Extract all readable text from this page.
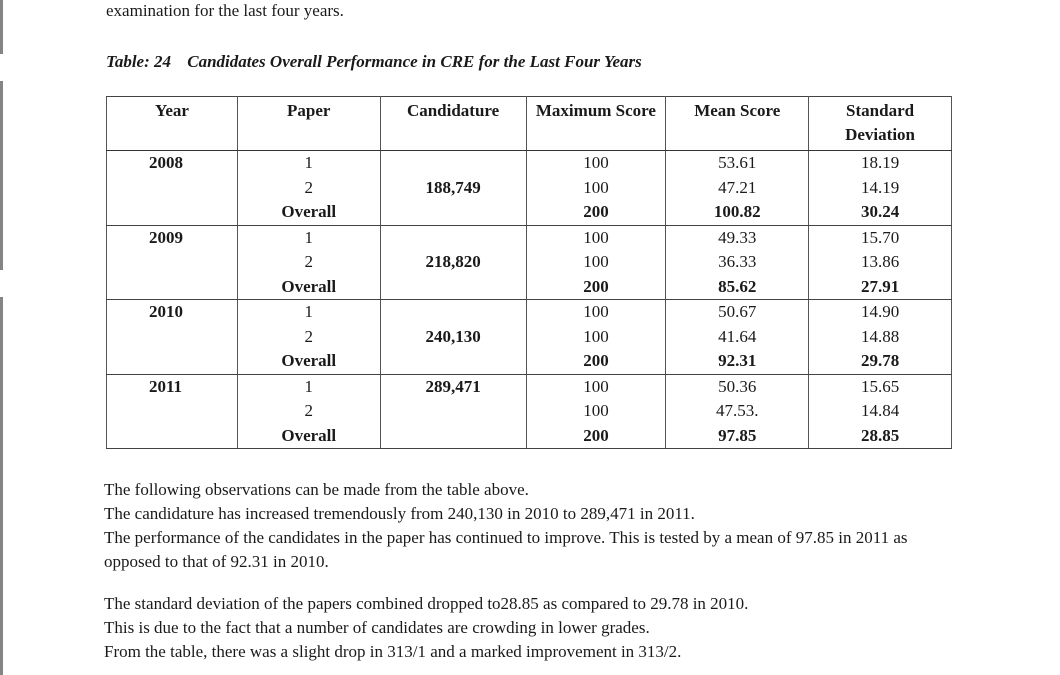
examination for the last four years.
Table: 24 Candidates Overall Performance in CRE for the Last Four Years
Year	Paper	Candidature	Maximum Score	Mean Score	Standard Deviation
2008	1		100	53.61	18.19
	2	188,749	100	47.21	14.19
	Overall		200	100.82	30.24
2009	1		100	49.33	15.70
	2	218,820	100	36.33	13.86
	Overall		200	85.62	27.91
2010	1		100	50.67	14.90
	2	240,130	100	41.64	14.88
	Overall		200	92.31	29.78
2011	1	289,471	100	50.36	15.65
	2		100	47.53.	14.84
	Overall		200	97.85	28.85

The following observations can be made from the table above.

The candidature has increased tremendously from 240,130 in 2010 to 289,471 in 2011.

The performance of the candidates in the paper has continued to improve. This is tested by a mean of 97.85 in 2011 as opposed to that of 92.31 in 2010.

The standard deviation of the papers combined dropped to28.85 as compared to 29.78 in 2010.

This is due to the fact that a number of candidates are crowding in lower grades.

From the table, there was a slight drop in 313/1 and a marked improvement in 313/2.
